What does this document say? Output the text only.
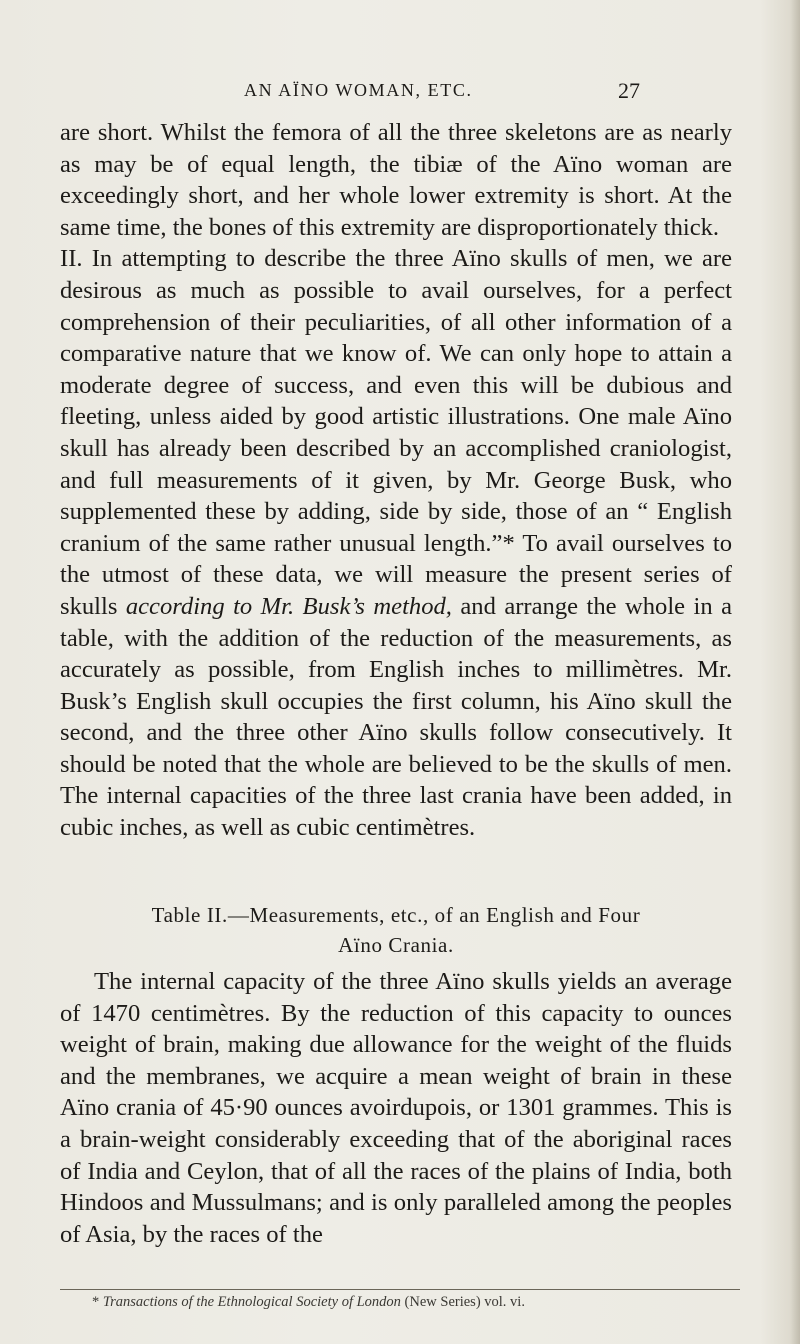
AN AÏNO WOMAN, ETC.	27

are short. Whilst the femora of all the three skeletons are as nearly as may be of equal length, the tibiæ of the Aïno woman are exceedingly short, and her whole lower extremity is short. At the same time, the bones of this extremity are disproportionately thick.

II. In attempting to describe the three Aïno skulls of men, we are desirous as much as possible to avail ourselves, for a perfect comprehension of their peculiarities, of all other information of a comparative nature that we know of. We can only hope to attain a moderate degree of success, and even this will be dubious and fleeting, unless aided by good artistic illustrations. One male Aïno skull has already been described by an accomplished craniologist, and full measurements of it given, by Mr. George Busk, who supplemented these by adding, side by side, those of an “ English cranium of the same rather unusual length.”* To avail ourselves to the utmost of these data, we will measure the present series of skulls according to Mr. Busk’s method, and arrange the whole in a table, with the addition of the reduction of the measurements, as accurately as possible, from English inches to millimètres. Mr. Busk’s English skull occupies the first column, his Aïno skull the second, and the three other Aïno skulls follow consecutively. It should be noted that the whole are believed to be the skulls of men. The internal capacities of the three last crania have been added, in cubic inches, as well as cubic centimètres.

Table II.—Measurements, etc., of an English and Four
Aïno Crania.

The internal capacity of the three Aïno skulls yields an average of 1470 centimètres. By the reduction of this capacity to ounces weight of brain, making due allowance for the weight of the fluids and the membranes, we acquire a mean weight of brain in these Aïno crania of 45·90 ounces avoirdupois, or 1301 grammes. This is a brain-weight considerably exceeding that of the aboriginal races of India and Ceylon, that of all the races of the plains of India, both Hindoos and Mussulmans; and is only paralleled among the peoples of Asia, by the races of the

* Transactions of the Ethnological Society of London (New Series) vol. vi.
